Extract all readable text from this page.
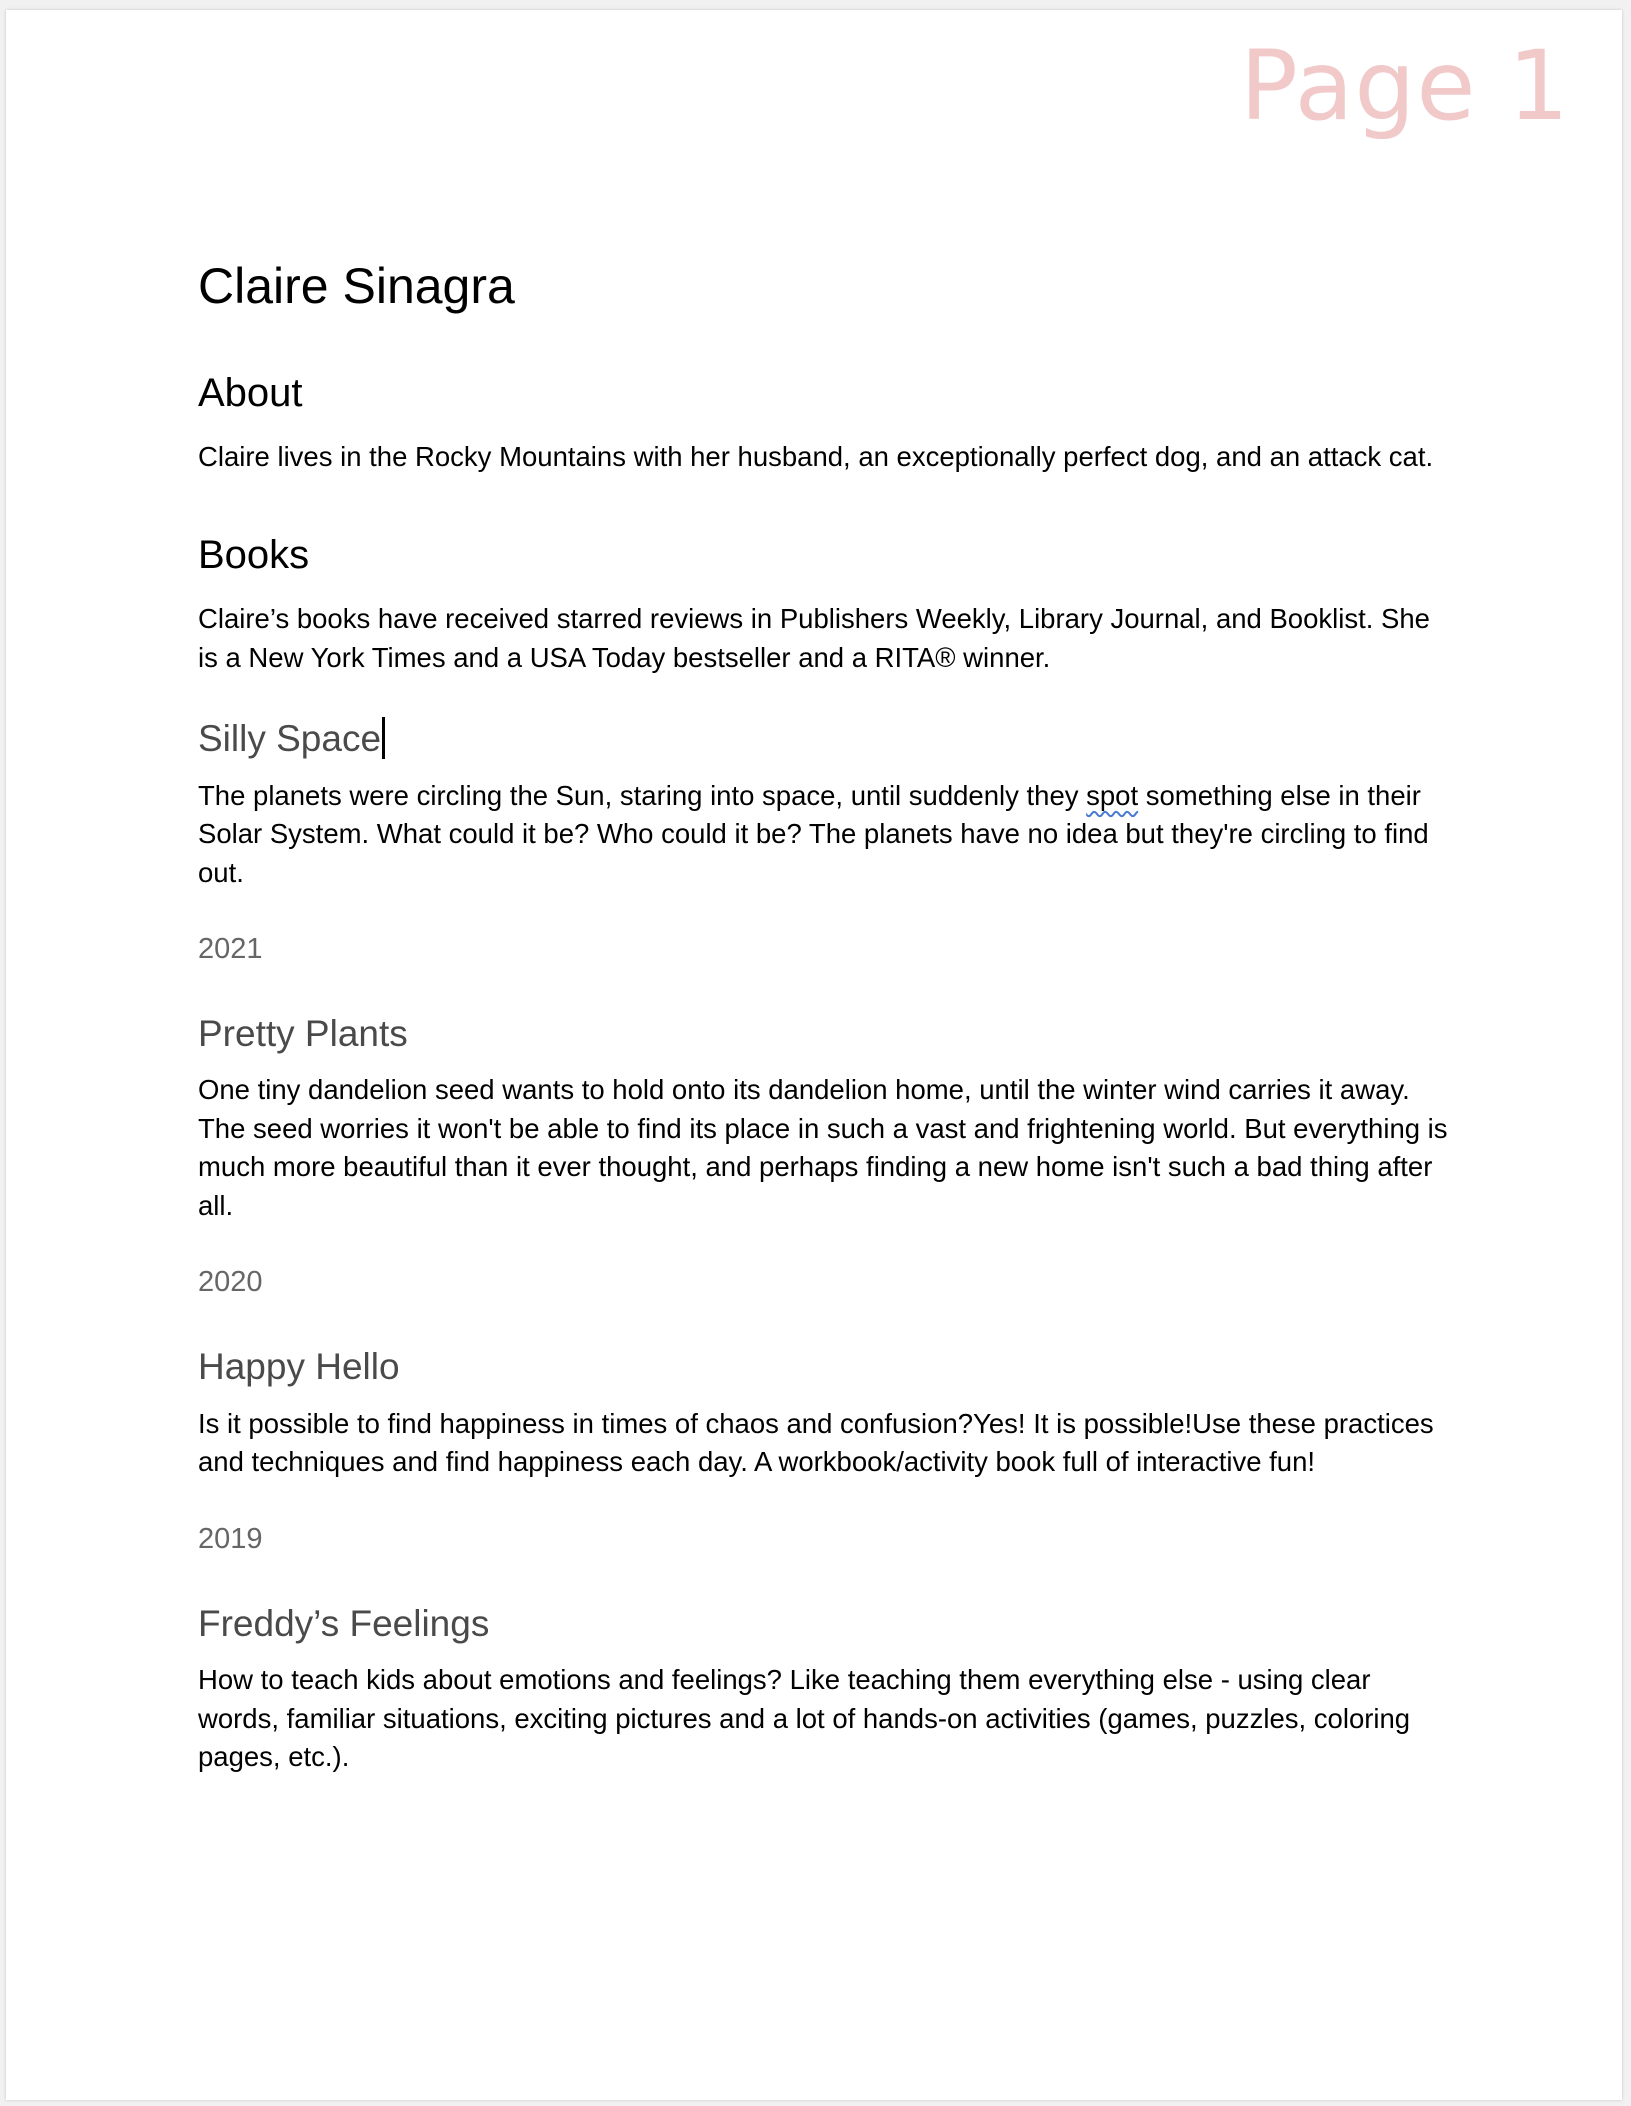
Page 1
Claire Sinagra
About

Claire lives in the Rocky Mountains with her husband, an exceptionally perfect dog, and an attack cat.

Books

Claire’s books have received starred reviews in Publishers Weekly, Library Journal, and Booklist. She is a New York Times and a USA Today bestseller and a RITA® winner.

Silly Space

The planets were circling the Sun, staring into space, until suddenly they spot something else in their Solar System. What could it be? Who could it be? The planets have no idea but they're circling to find out.

2021
Pretty Plants

One tiny dandelion seed wants to hold onto its dandelion home, until the winter wind carries it away. The seed worries it won't be able to find its place in such a vast and frightening world. But everything is much more beautiful than it ever thought, and perhaps finding a new home isn't such a bad thing after all.

2020
Happy Hello

Is it possible to find happiness in times of chaos and confusion?Yes! It is possible!Use these practices and techniques and find happiness each day. A workbook/activity book full of interactive fun!

2019
Freddy’s Feelings

How to teach kids about emotions and feelings? Like teaching them everything else - using clear words, familiar situations, exciting pictures and a lot of hands-on activities (games, puzzles, coloring pages, etc.).
